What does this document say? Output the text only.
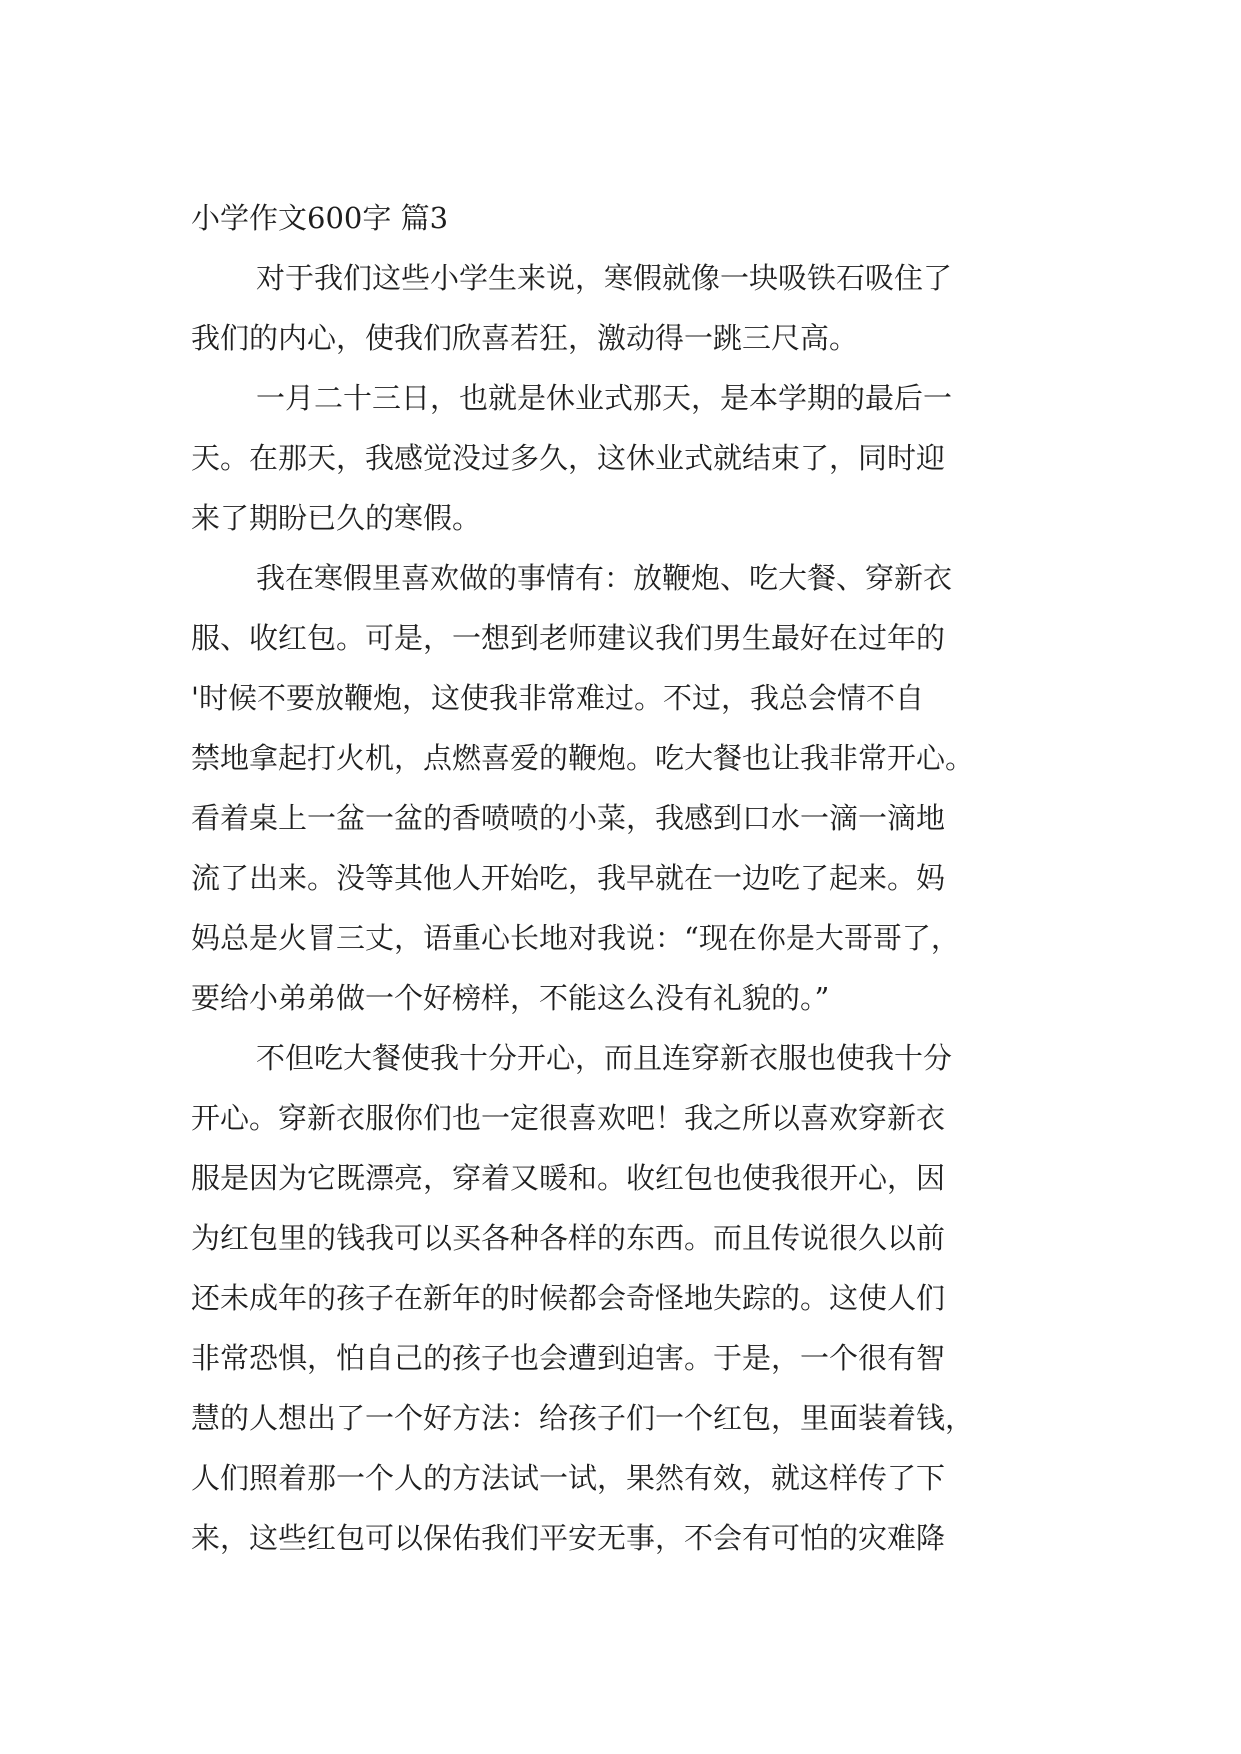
小学作文600字 篇3
对于我们这些小学生来说，寒假就像一块吸铁石吸住了
我们的内心，使我们欣喜若狂，激动得一跳三尺高。
一月二十三日，也就是休业式那天，是本学期的最后一
天。在那天，我感觉没过多久，这休业式就结束了，同时迎
来了期盼已久的寒假。
我在寒假里喜欢做的事情有：放鞭炮、吃大餐、穿新衣
服、收红包。可是，一想到老师建议我们男生最好在过年的
'时候不要放鞭炮，这使我非常难过。不过，我总会情不自
禁地拿起打火机，点燃喜爱的鞭炮。吃大餐也让我非常开心。
看着桌上一盆一盆的香喷喷的小菜，我感到口水一滴一滴地
流了出来。没等其他人开始吃，我早就在一边吃了起来。妈
妈总是火冒三丈，语重心长地对我说：“现在你是大哥哥了，
要给小弟弟做一个好榜样，不能这么没有礼貌的。”
不但吃大餐使我十分开心，而且连穿新衣服也使我十分
开心。穿新衣服你们也一定很喜欢吧！我之所以喜欢穿新衣
服是因为它既漂亮，穿着又暖和。收红包也使我很开心，因
为红包里的钱我可以买各种各样的东西。而且传说很久以前
还未成年的孩子在新年的时候都会奇怪地失踪的。这使人们
非常恐惧，怕自己的孩子也会遭到迫害。于是，一个很有智
慧的人想出了一个好方法：给孩子们一个红包，里面装着钱，
人们照着那一个人的方法试一试，果然有效，就这样传了下
来，这些红包可以保佑我们平安无事，不会有可怕的灾难降
